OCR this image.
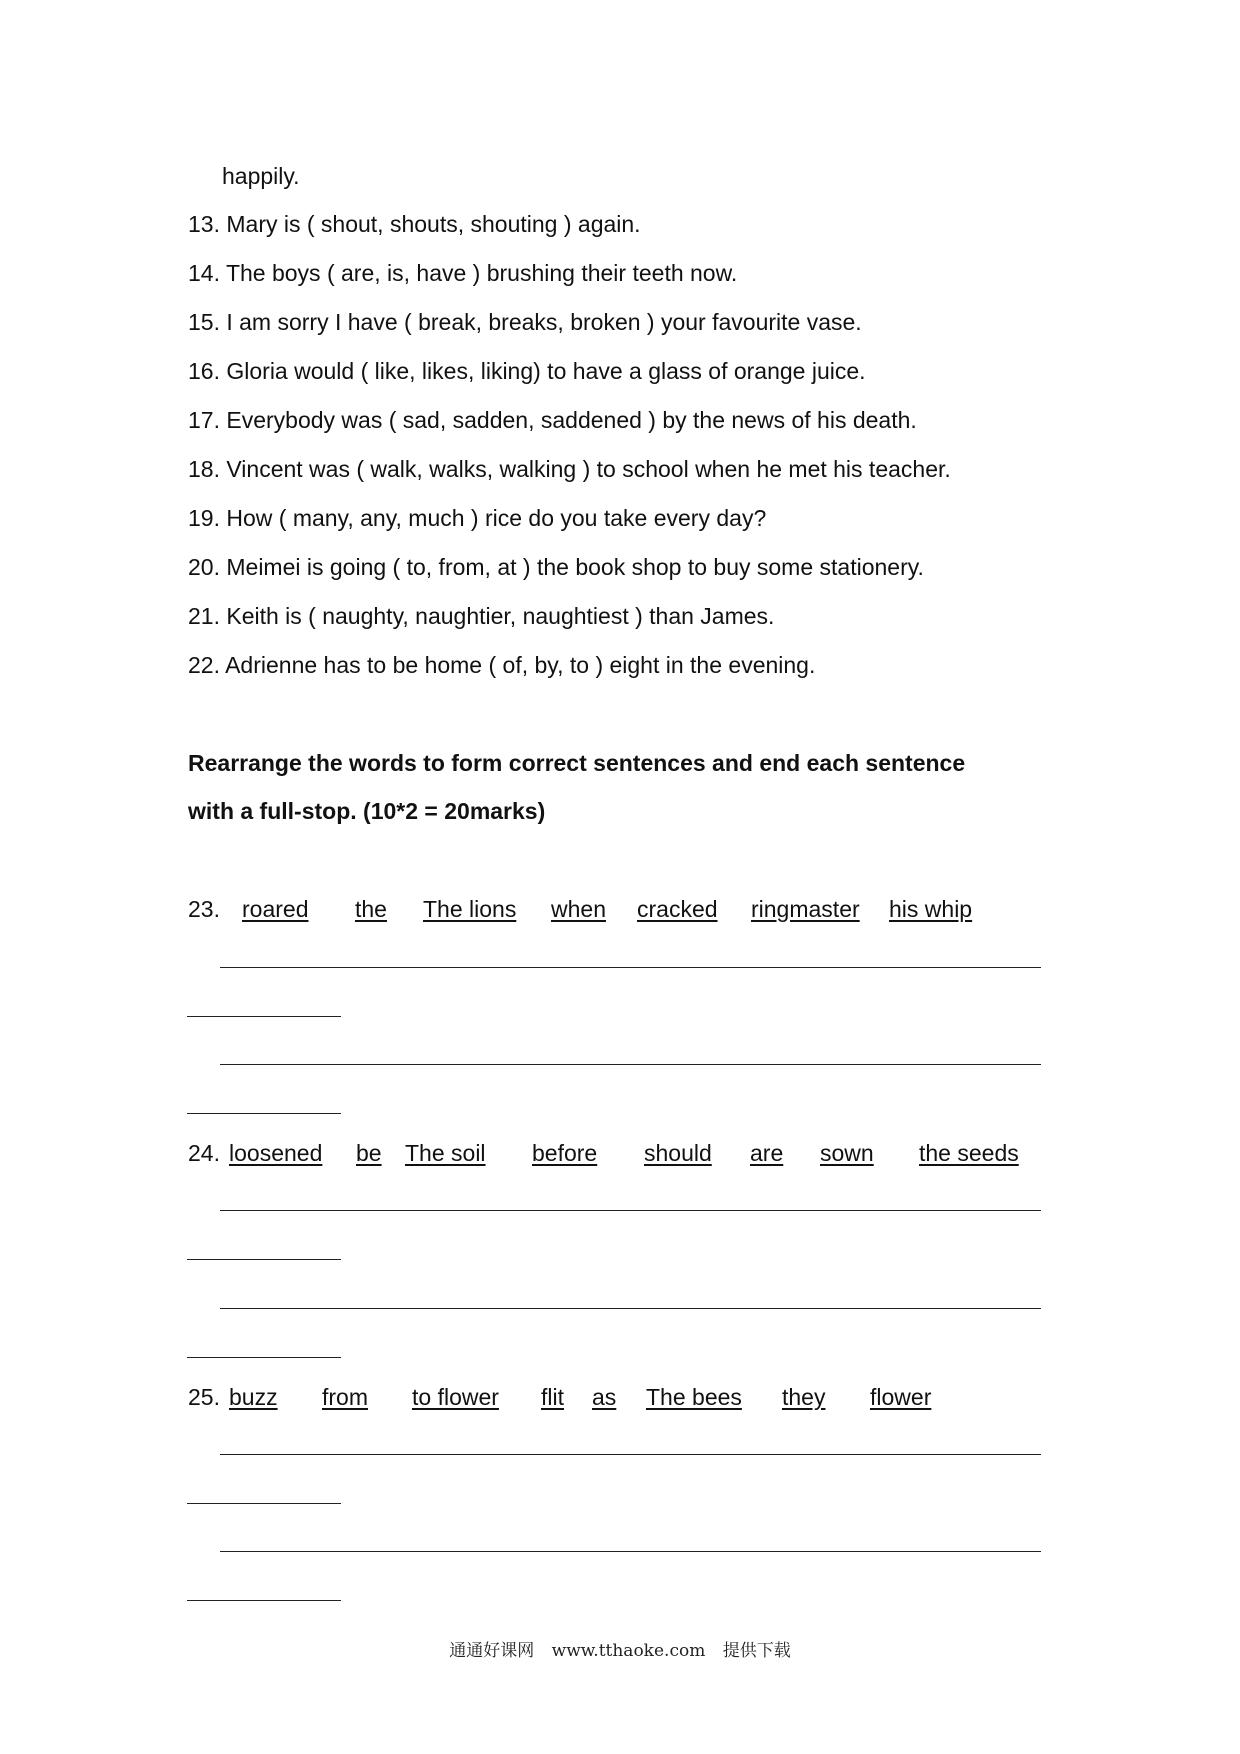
happily.
13. Mary is ( shout, shouts, shouting ) again.
14. The boys ( are, is, have ) brushing their teeth now.
15. I am sorry I have ( break, breaks, broken ) your favourite vase.
16. Gloria would ( like, likes, liking) to have a glass of orange juice.
17. Everybody was ( sad, sadden, saddened ) by the news of his death.
18. Vincent was ( walk, walks, walking ) to school when he met his teacher.
19. How ( many, any, much ) rice do you take every day?
20. Meimei is going ( to, from, at ) the book shop to buy some stationery.
21. Keith is ( naughty, naughtier, naughtiest ) than James.
22. Adrienne has to be home ( of, by, to ) eight in the evening.
Rearrange the words to form correct sentences and end each sentence
with a full-stop. (10*2 = 20marks)
23. roared the The lions when cracked ringmaster his whip
24. loosened be The soil before should are sown the seeds
25. buzz from to flower flit as The bees they flower
通通好课网 www.tthaoke.com 提供下载
